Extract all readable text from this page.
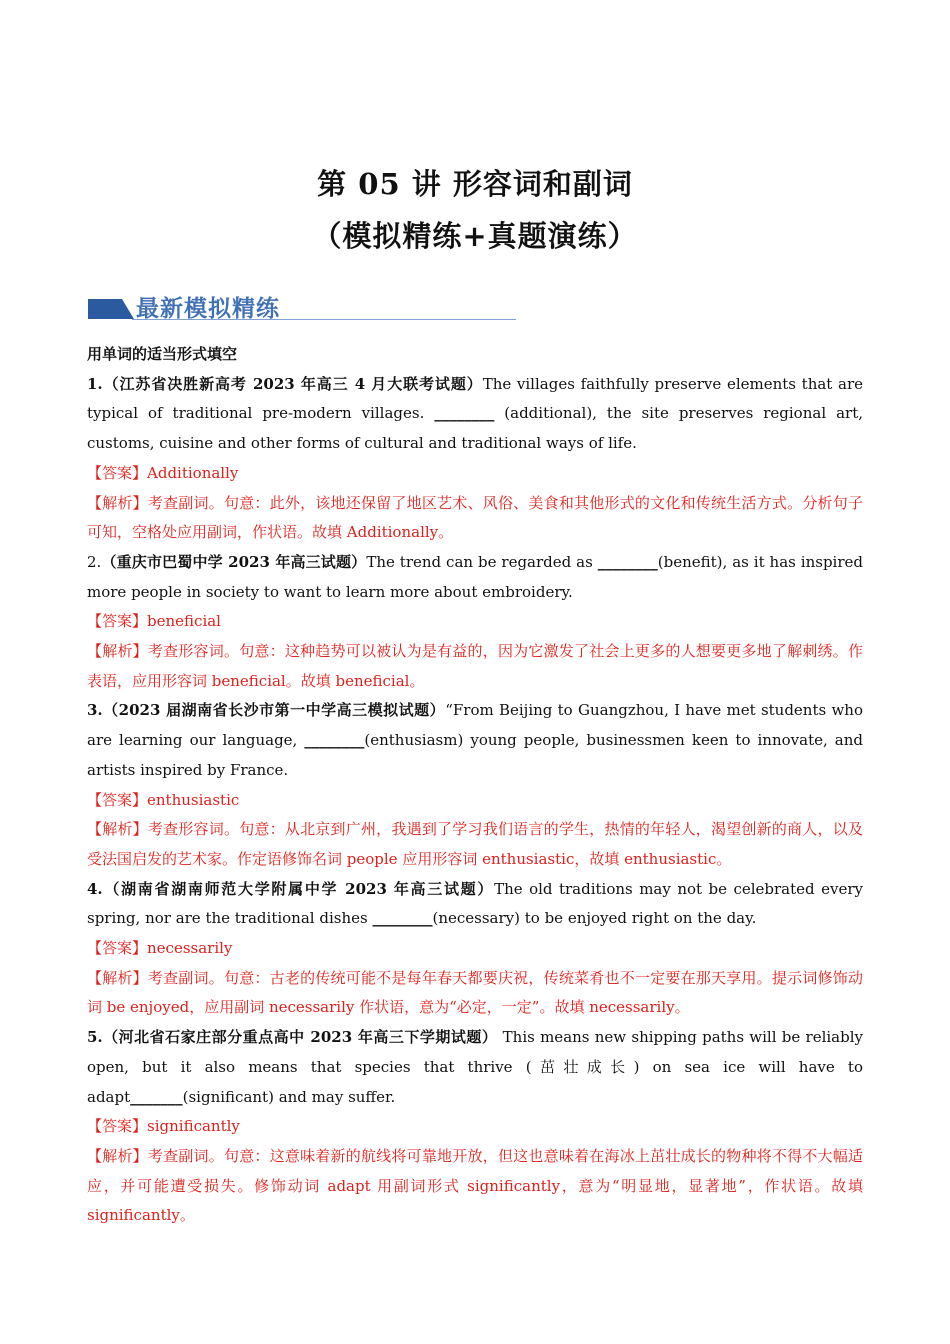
第 05 讲 形容词和副词
（模拟精练+真题演练）
最新模拟精练
用单词的适当形式填空
1.（江苏省决胜新高考 2023 年高三 4 月大联考试题）The villages faithfully preserve elements that are typical of traditional pre-modern villages. ________ (additional), the site preserves regional art, customs, cuisine and other forms of cultural and traditional ways of life.
【答案】Additionally
【解析】考查副词。句意：此外，该地还保留了地区艺术、风俗、美食和其他形式的文化和传统生活方式。分析句子可知，空格处应用副词，作状语。故填 Additionally。
2.（重庆市巴蜀中学 2023 年高三试题）The trend can be regarded as ________(benefit), as it has inspired more people in society to want to learn more about embroidery.
【答案】beneficial
【解析】考查形容词。句意：这种趋势可以被认为是有益的，因为它激发了社会上更多的人想要更多地了解刺绣。作表语，应用形容词 beneficial。故填 beneficial。
3.（2023 届湖南省长沙市第一中学高三模拟试题）“From Beijing to Guangzhou, I have met students who are learning our language, ________(enthusiasm) young people, businessmen keen to innovate, and artists inspired by France.
【答案】enthusiastic
【解析】考查形容词。句意：从北京到广州，我遇到了学习我们语言的学生，热情的年轻人，渴望创新的商人，以及受法国启发的艺术家。作定语修饰名词 people 应用形容词 enthusiastic，故填 enthusiastic。
4.（湖南省湖南师范大学附属中学 2023 年高三试题）The old traditions may not be celebrated every spring, nor are the traditional dishes ________(necessary) to be enjoyed right on the day.
【答案】necessarily
【解析】考查副词。句意：古老的传统可能不是每年春天都要庆祝，传统菜肴也不一定要在那天享用。提示词修饰动词 be enjoyed，应用副词 necessarily 作状语，意为“必定，一定”。故填 necessarily。
5.（河北省石家庄部分重点高中 2023 年高三下学期试题） This means new shipping paths will be reliably open, but it also means that species that thrive (茁壮成长) on sea ice will have to adapt_______(significant) and may suffer.
【答案】significantly
【解析】考查副词。句意：这意味着新的航线将可靠地开放，但这也意味着在海冰上茁壮成长的物种将不得不大幅适应，并可能遭受损失。修饰动词 adapt 用副词形式 significantly，意为“明显地，显著地”，作状语。故填 significantly。
